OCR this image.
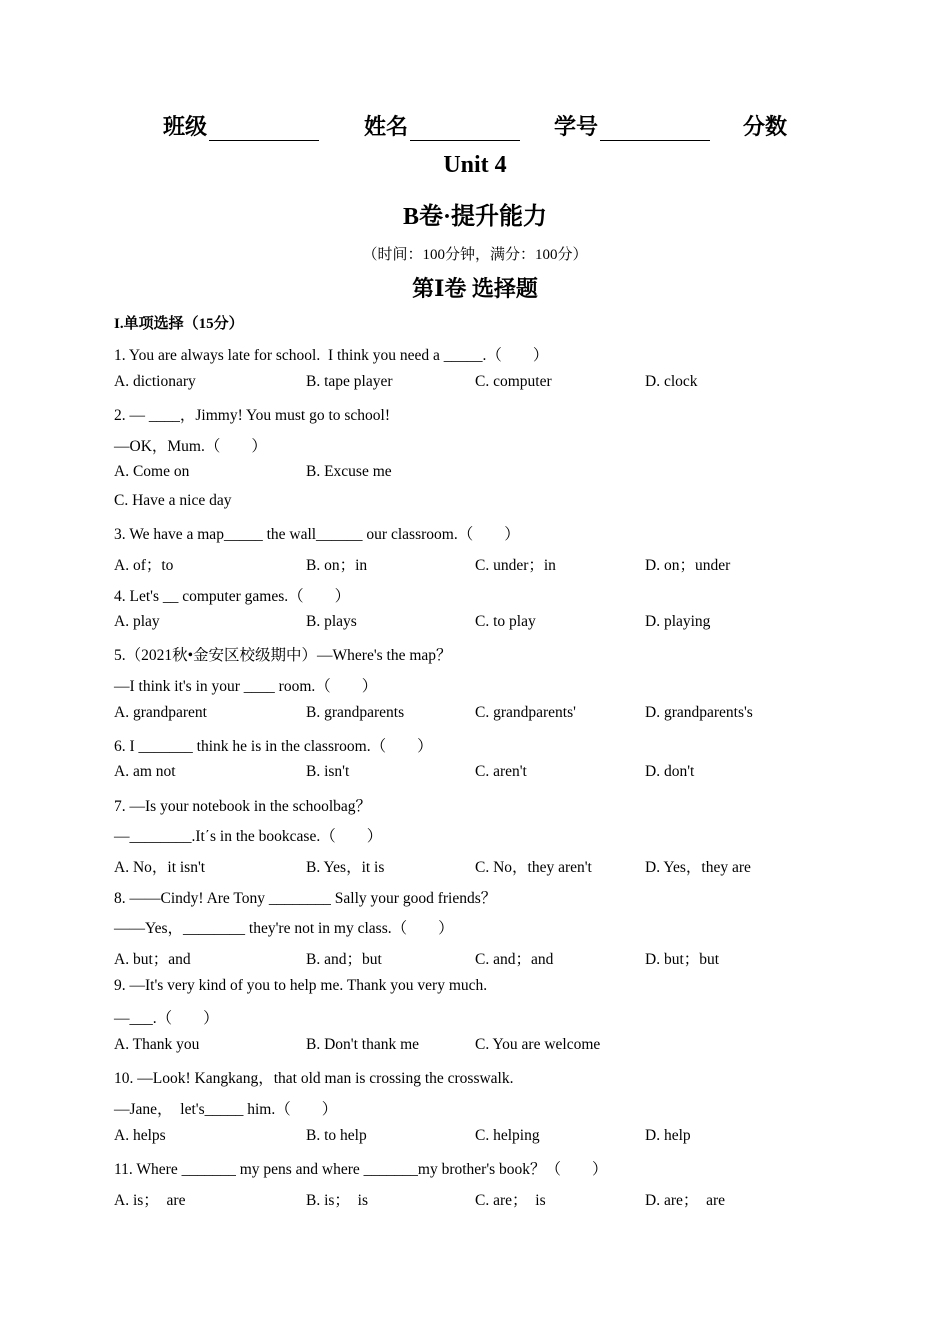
班级	姓名	学号	分数
Unit 4
B卷·提升能力
（时间：100分钟，满分：100分）
第Ⅰ卷 选择题
I.单项选择（15分）
1. You are always late for school.  I think you need a _____.（        ）
A. dictionary	B. tape player	C. computer	D. clock
2. — ____，Jimmy! You must go to school!
—OK，Mum.（        ）
A. Come on	B. Excuse me
C. Have a nice day
3. We have a map_____ the wall______ our classroom.（        ）
A. of；to	B. on；in	C. under；in	D. on；under
4. Let's __ computer games.（        ）
A. play	B. plays	C. to play	D. playing
5.（2021秋•金安区校级期中）—Where's the map？
—I think it's in your ____ room.（        ）
A. grandparent	B. grandparents	C. grandparents'	D. grandparents's
6. I _______ think he is in the classroom.（        ）
A. am not	B. isn't	C. aren't	D. don't
7. —Is your notebook in the schoolbag？
—________.It΄s in the bookcase.（        ）
A. No，it isn't	B. Yes，it is	C. No，they aren't	D. Yes，they are
8. ——Cindy! Are Tony ________ Sally your good friends？
——Yes，________ they're not in my class.（        ）
A. but；and	B. and；but	C. and；and	D. but；but
9. —It's very kind of you to help me. Thank you very much.
—___.（        ）
A. Thank you	B. Don't thank me	C. You are welcome
10. —Look! Kangkang，that old man is crossing the crosswalk.
—Jane，  let's_____ him.（        ）
A. helps	B. to help	C. helping	D. help
11. Where _______ my pens and where _______my brother's book？（        ）
A. is；  are	B. is；  is	C. are；  is	D. are；  are
